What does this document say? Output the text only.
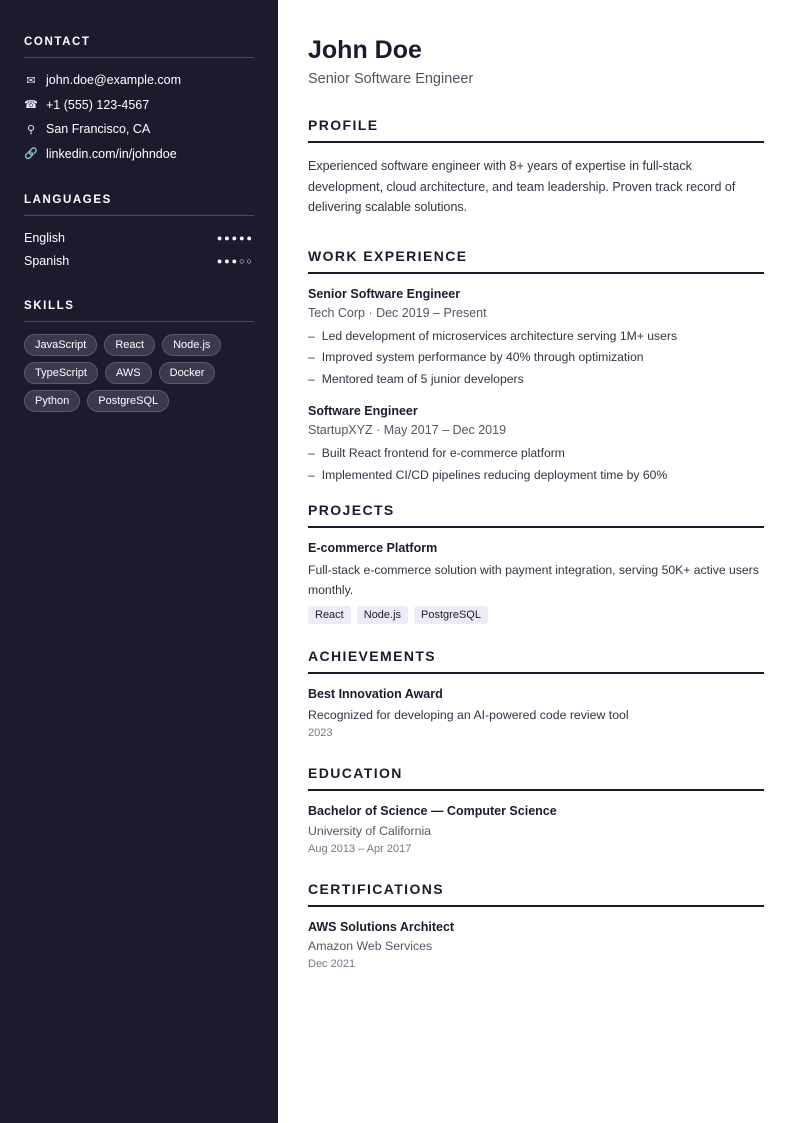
CONTACT
✉ john.doe@example.com
☎ +1 (555) 123-4567
⚲ San Francisco, CA
🔗 linkedin.com/in/johndoe
LANGUAGES
English	●●●●●
Spanish	●●●○○
SKILLS
JavaScript	React	Node.js
TypeScript	AWS	Docker
Python	PostgreSQL
John Doe
Senior Software Engineer
PROFILE
Experienced software engineer with 8+ years of expertise in full-stack development, cloud architecture, and team leadership. Proven track record of delivering scalable solutions.
WORK EXPERIENCE
Senior Software Engineer
Tech Corp · Dec 2019 – Present
– Led development of microservices architecture serving 1M+ users
– Improved system performance by 40% through optimization
– Mentored team of 5 junior developers
Software Engineer
StartupXYZ · May 2017 – Dec 2019
– Built React frontend for e-commerce platform
– Implemented CI/CD pipelines reducing deployment time by 60%
PROJECTS
E-commerce Platform
Full-stack e-commerce solution with payment integration, serving 50K+ active users monthly.
React	Node.js	PostgreSQL
ACHIEVEMENTS
Best Innovation Award
Recognized for developing an AI-powered code review tool
2023
EDUCATION
Bachelor of Science — Computer Science
University of California
Aug 2013 – Apr 2017
CERTIFICATIONS
AWS Solutions Architect
Amazon Web Services
Dec 2021
